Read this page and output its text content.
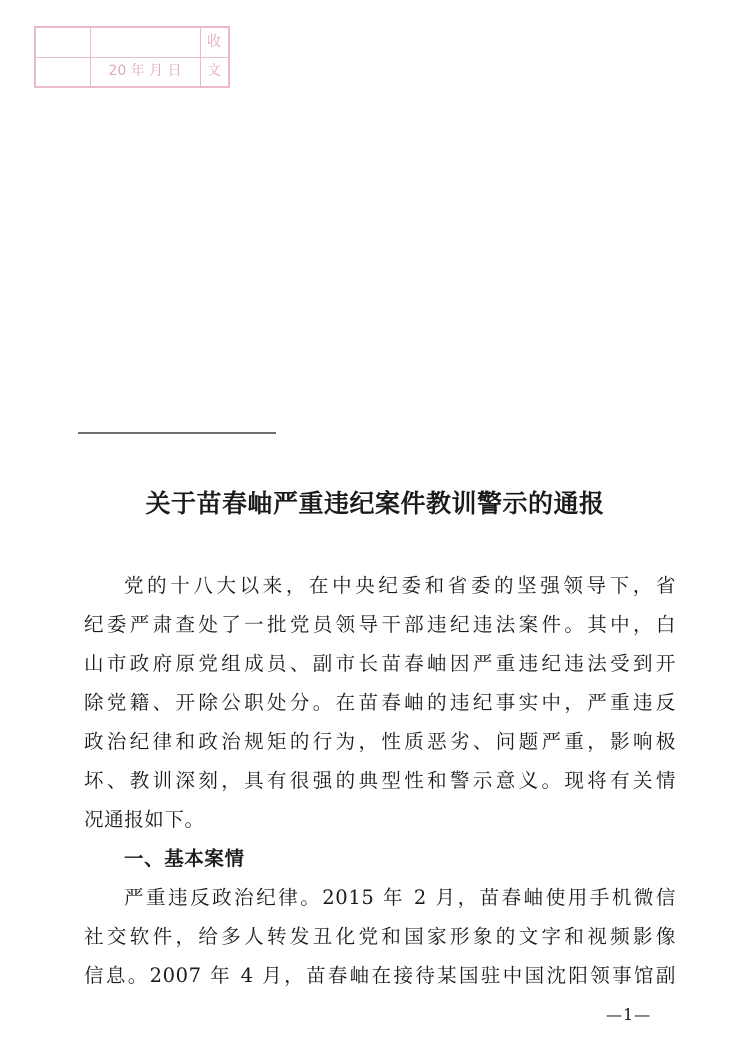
收
20 年 月 日	文
关于苗春岫严重违纪案件教训警示的通报
党的十八大以来，在中央纪委和省委的坚强领导下，省
纪委严肃查处了一批党员领导干部违纪违法案件。其中，白
山市政府原党组成员、副市长苗春岫因严重违纪违法受到开
除党籍、开除公职处分。在苗春岫的违纪事实中，严重违反
政治纪律和政治规矩的行为，性质恶劣、问题严重，影响极
坏、教训深刻，具有很强的典型性和警示意义。现将有关情
况通报如下。
一、基本案情
严重违反政治纪律。2015 年 2 月，苗春岫使用手机微信
社交软件，给多人转发丑化党和国家形象的文字和视频影像
信息。2007 年 4 月，苗春岫在接待某国驻中国沈阳领事馆副
—1—
